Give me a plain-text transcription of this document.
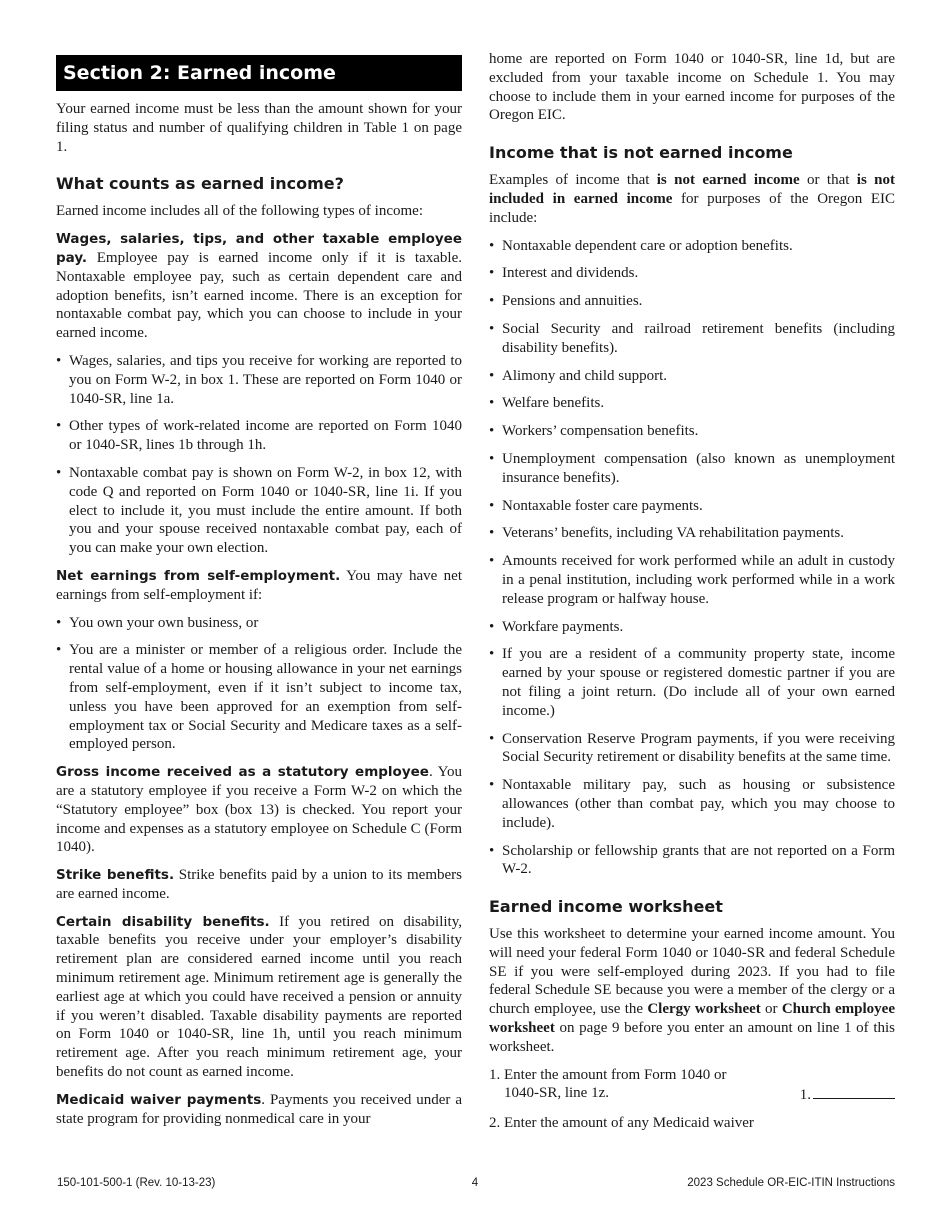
Section 2: Earned income

Your earned income must be less than the amount shown for your filing status and number of qualifying children in Table 1 on page 1.

What counts as earned income?

Earned income includes all of the following types of income:

Wages, salaries, tips, and other taxable employee pay. Employee pay is earned income only if it is taxable. Nontaxable employee pay, such as certain dependent care and adoption benefits, isn’t earned income. There is an exception for nontaxable combat pay, which you can choose to include in your earned income.

• Wages, salaries, and tips you receive for working are reported to you on Form W-2, in box 1. These are reported on Form 1040 or 1040-SR, line 1a.
• Other types of work-related income are reported on Form 1040 or 1040-SR, lines 1b through 1h.
• Nontaxable combat pay is shown on Form W-2, in box 12, with code Q and reported on Form 1040 or 1040-SR, line 1i. If you elect to include it, you must include the entire amount. If both you and your spouse received nontaxable combat pay, each of you can make your own election.

Net earnings from self-employment. You may have net earnings from self-employment if:

• You own your own business, or
• You are a minister or member of a religious order. Include the rental value of a home or housing allowance in your net earnings from self-employment, even if it isn’t subject to income tax, unless you have been approved for an exemption from self-employment tax or Social Security and Medicare taxes as a self-employed person.

Gross income received as a statutory employee. You are a statutory employee if you receive a Form W-2 on which the “Statutory employee” box (box 13) is checked. You report your income and expenses as a statutory employee on Schedule C (Form 1040).

Strike benefits. Strike benefits paid by a union to its members are earned income.

Certain disability benefits. If you retired on disability, taxable benefits you receive under your employer’s disability retirement plan are considered earned income until you reach minimum retirement age. Minimum retirement age is generally the earliest age at which you could have received a pension or annuity if you weren’t disabled. Taxable disability payments are reported on Form 1040 or 1040-SR, line 1h, until you reach minimum retirement age. After you reach minimum retirement age, your benefits do not count as earned income.

Medicaid waiver payments. Payments you received under a state program for providing nonmedical care in your

home are reported on Form 1040 or 1040-SR, line 1d, but are excluded from your taxable income on Schedule 1. You may choose to include them in your earned income for purposes of the Oregon EIC.

Income that is not earned income

Examples of income that is not earned income or that is not included in earned income for purposes of the Oregon EIC include:

• Nontaxable dependent care or adoption benefits.
• Interest and dividends.
• Pensions and annuities.
• Social Security and railroad retirement benefits (including disability benefits).
• Alimony and child support.
• Welfare benefits.
• Workers’ compensation benefits.
• Unemployment compensation (also known as unemployment insurance benefits).
• Nontaxable foster care payments.
• Veterans’ benefits, including VA rehabilitation payments.
• Amounts received for work performed while an adult in custody in a penal institution, including work performed while in a work release program or halfway house.
• Workfare payments.
• If you are a resident of a community property state, income earned by your spouse or registered domestic partner if you are not filing a joint return. (Do include all of your own earned income.)
• Conservation Reserve Program payments, if you were receiving Social Security retirement or disability benefits at the same time.
• Nontaxable military pay, such as housing or subsistence allowances (other than combat pay, which you may choose to include).
• Scholarship or fellowship grants that are not reported on a Form W-2.
Earned income worksheet

Use this worksheet to determine your earned income amount. You will need your federal Form 1040 or 1040-SR and federal Schedule SE if you were self-employed during 2023. If you had to file federal Schedule SE because you were a member of the clergy or a church employee, use the Clergy worksheet or Church employee worksheet on page 9 before you enter an amount on line 1 of this worksheet.

1. Enter the amount from Form 1040 or
1040-SR, line 1z.	1.
2. Enter the amount of any Medicaid waiver
150-101-500-1 (Rev. 10-13-23)	4	2023 Schedule OR-EIC-ITIN Instructions
